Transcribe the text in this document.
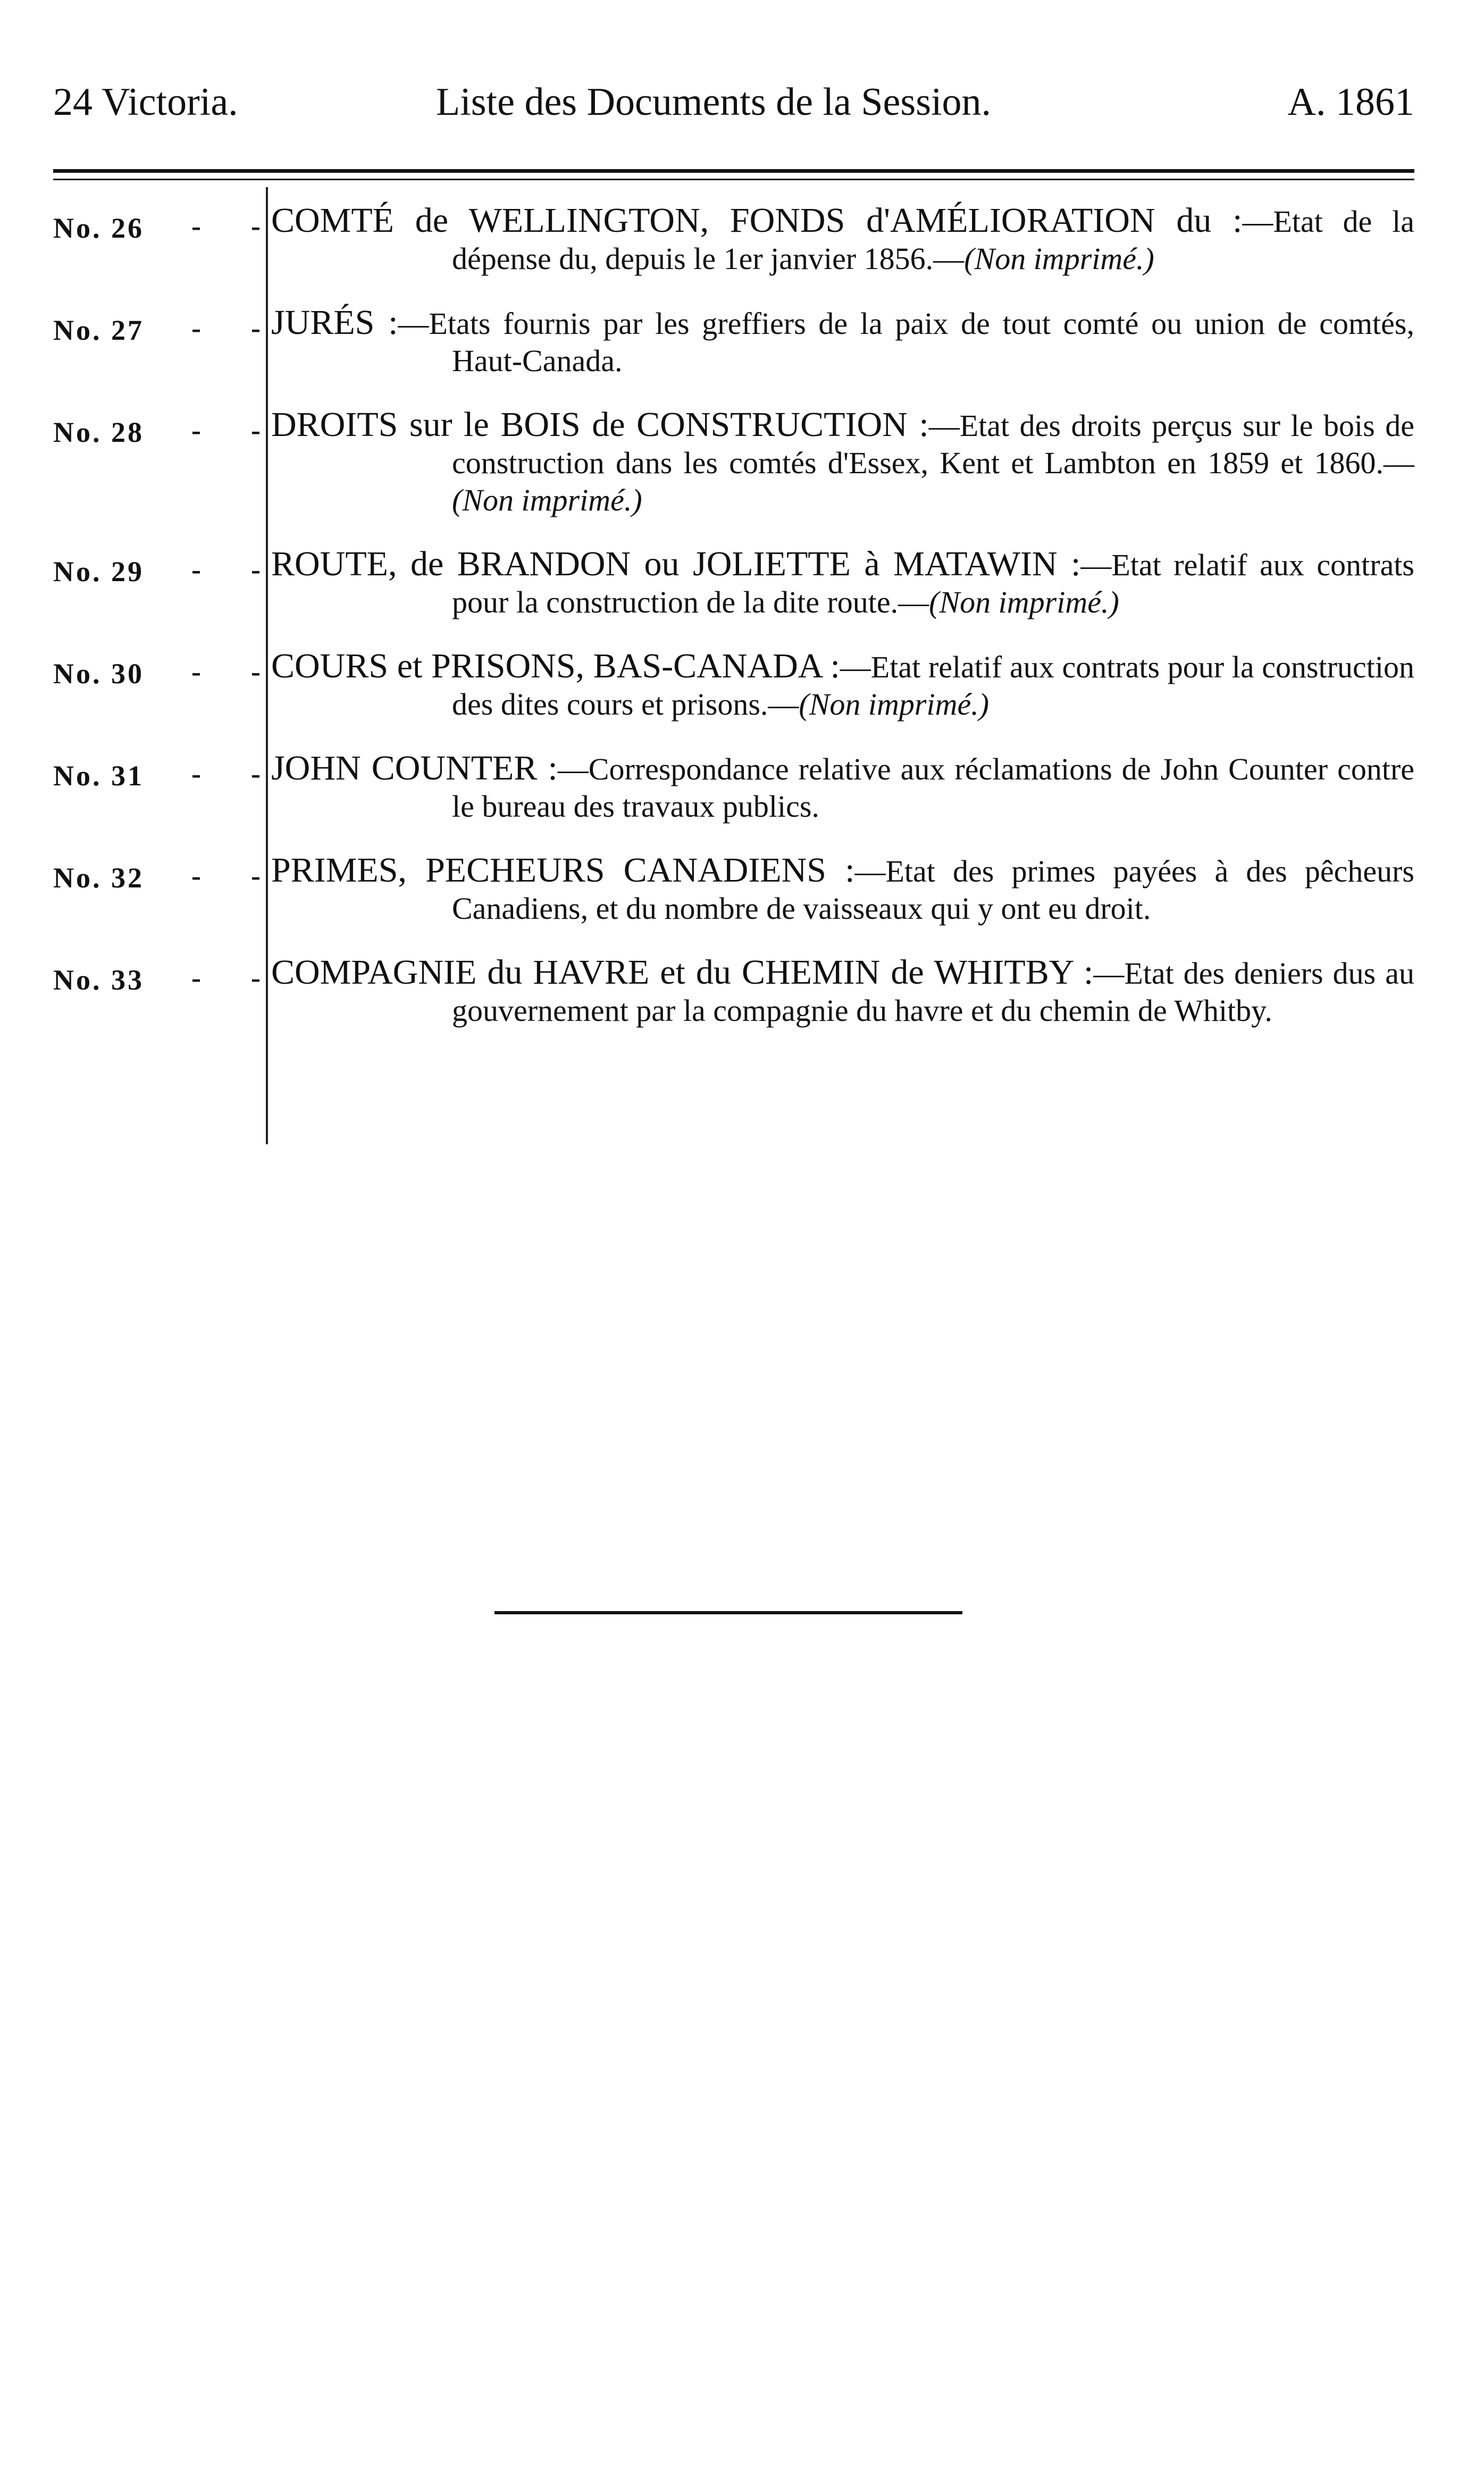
24 Victoria.	Liste des Documents de la Session.	A. 1861
No. 26	- - COMTÉ de WELLINGTON, FONDS d'AMÉLIORATION du :—Etat de la dépense du, depuis le 1er janvier 1856.—(Non imprimé.)
No. 27	- - JURÉS :—Etats fournis par les greffiers de la paix de tout comté ou union de comtés, Haut-Canada.
No. 28	- - DROITS sur le BOIS de CONSTRUCTION :—Etat des droits perçus sur le bois de construction dans les comtés d'Essex, Kent et Lambton en 1859 et 1860.—(Non imprimé.)
No. 29	- - ROUTE, de BRANDON ou JOLIETTE à MATAWIN :—Etat relatif aux contrats pour la construction de la dite route.—(Non imprimé.)
No. 30	- - COURS et PRISONS, BAS-CANADA :—Etat relatif aux contrats pour la construction des dites cours et prisons.—(Non imprimé.)
No. 31	- - JOHN COUNTER :—Correspondance relative aux réclamations de John Counter contre le bureau des travaux publics.
No. 32	- - PRIMES, PECHEURS CANADIENS :—Etat des primes payées à des pêcheurs Canadiens, et du nombre de vaisseaux qui y ont eu droit.
No. 33	- - COMPAGNIE du HAVRE et du CHEMIN de WHITBY :—Etat des deniers dus au gouvernement par la compagnie du havre et du chemin de Whitby.
